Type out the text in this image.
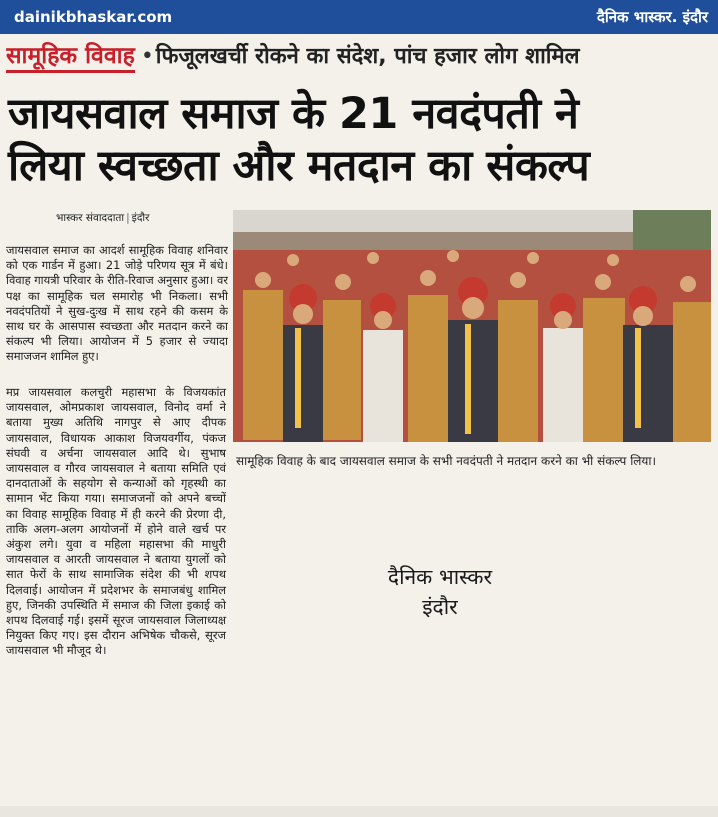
dainikbhaskar.com	दैनिक भास्कर. इंदौर
सामूहिक विवाह •फिजूलखर्ची रोकने का संदेश, पांच हजार लोग शामिल
जायसवाल समाज के 21 नवदंपती ने
लिया स्वच्छता और मतदान का संकल्प
भास्कर संवाददाता | इंदौर
सामूहिक विवाह के बाद जायसवाल समाज के सभी नवदंपती ने मतदान करने का भी संकल्प लिया।

जायसवाल समाज का आदर्श सामूहिक विवाह शनिवार को एक गार्डन में हुआ। 21 जोड़े परिणय सूत्र में बंधे। विवाह गायत्री परिवार के रीति-रिवाज अनुसार हुआ। वर पक्ष का सामूहिक चल समारोह भी निकला। सभी नवदंपतियों ने सुख-दुःख में साथ रहने की कसम के साथ घर के आसपास स्वच्छता और मतदान करने का संकल्प भी लिया। आयोजन में 5 हजार से ज्यादा समाजजन शामिल हुए।

मप्र जायसवाल कलचुरी महासभा के विजयकांत जायसवाल, ओमप्रकाश जायसवाल, विनोद वर्मा ने बताया मुख्य अतिथि नागपुर से आए दीपक जायसवाल, विधायक आकाश विजयवर्गीय, पंकज संघवी व अर्चना जायसवाल आदि थे। सुभाष जायसवाल व गौरव जायसवाल ने बताया समिति एवं दानदाताओं के सहयोग से कन्याओं को गृहस्थी का सामान भेंट किया गया। समाजजनों को अपने बच्चों का विवाह सामूहिक विवाह में ही करने की प्रेरणा दी, ताकि अलग-अलग आयोजनों में होने वाले खर्च पर अंकुश लगे। युवा व महिला महासभा की माधुरी जायसवाल व आरती जायसवाल ने बताया युगलों को सात फेरों के साथ सामाजिक संदेश की भी शपथ दिलवाई। आयोजन में प्रदेशभर के समाजबंधु शामिल हुए, जिनकी उपस्थिति में समाज की जिला इकाई को शपथ दिलवाई गई। इसमें सूरज जायसवाल जिलाध्यक्ष नियुक्त किए गए। इस दौरान अभिषेक चौकसे, सूरज जायसवाल भी मौजूद थे।

दैनिक भास्कर
इंदौर
